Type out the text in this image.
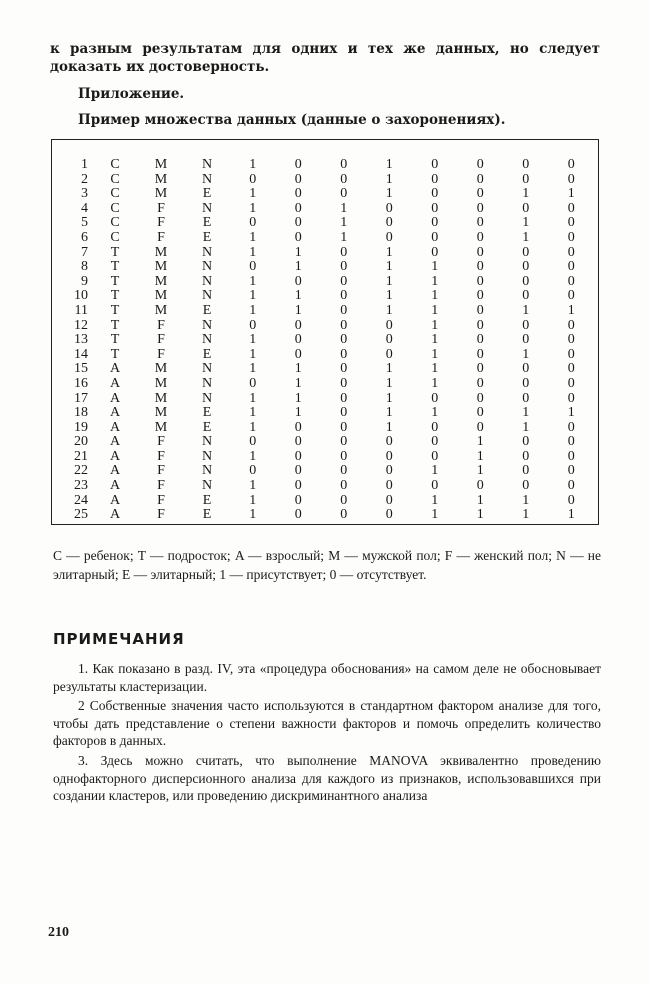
к разным результатам для одних и тех же данных, но следует доказать их достоверность.
Приложение.
Пример множества данных (данные о захоронениях).
1	C	M	N	1	0	0	1	0	0	0	0
2	C	M	N	0	0	0	1	0	0	0	0
3	C	M	E	1	0	0	1	0	0	1	1
4	C	F	N	1	0	1	0	0	0	0	0
5	C	F	E	0	0	1	0	0	0	1	0
6	C	F	E	1	0	1	0	0	0	1	0
7	T	M	N	1	1	0	1	0	0	0	0
8	T	M	N	0	1	0	1	1	0	0	0
9	T	M	N	1	0	0	1	1	0	0	0
10	T	M	N	1	1	0	1	1	0	0	0
11	T	M	E	1	1	0	1	1	0	1	1
12	T	F	N	0	0	0	0	1	0	0	0
13	T	F	N	1	0	0	0	1	0	0	0
14	T	F	E	1	0	0	0	1	0	1	0
15	A	M	N	1	1	0	1	1	0	0	0
16	A	M	N	0	1	0	1	1	0	0	0
17	A	M	N	1	1	0	1	0	0	0	0
18	A	M	E	1	1	0	1	1	0	1	1
19	A	M	E	1	0	0	1	0	0	1	0
20	A	F	N	0	0	0	0	0	1	0	0
21	A	F	N	1	0	0	0	0	1	0	0
22	A	F	N	0	0	0	0	1	1	0	0
23	A	F	N	1	0	0	0	0	0	0	0
24	A	F	E	1	0	0	0	1	1	1	0
25	A	F	E	1	0	0	0	1	1	1	1
C — ребенок; T — подросток; A — взрослый; M — мужской пол; F — женский пол; N — не элитарный; E — элитарный; 1 — присутствует; 0 — отсутствует.
ПРИМЕЧАНИЯ
1. Как показано в разд. IV, эта «процедура обоснования» на самом деле не обосновывает результаты кластеризации.
2 Собственные значения часто используются в стандартном фактором анализе для того, чтобы дать представление о степени важности факторов и помочь определить количество факторов в данных.
3. Здесь можно считать, что выполнение MANOVA эквивалентно проведению однофакторного дисперсионного анализа для каждого из признаков, использовавшихся при создании кластеров, или проведению дискриминантного анализа
210
